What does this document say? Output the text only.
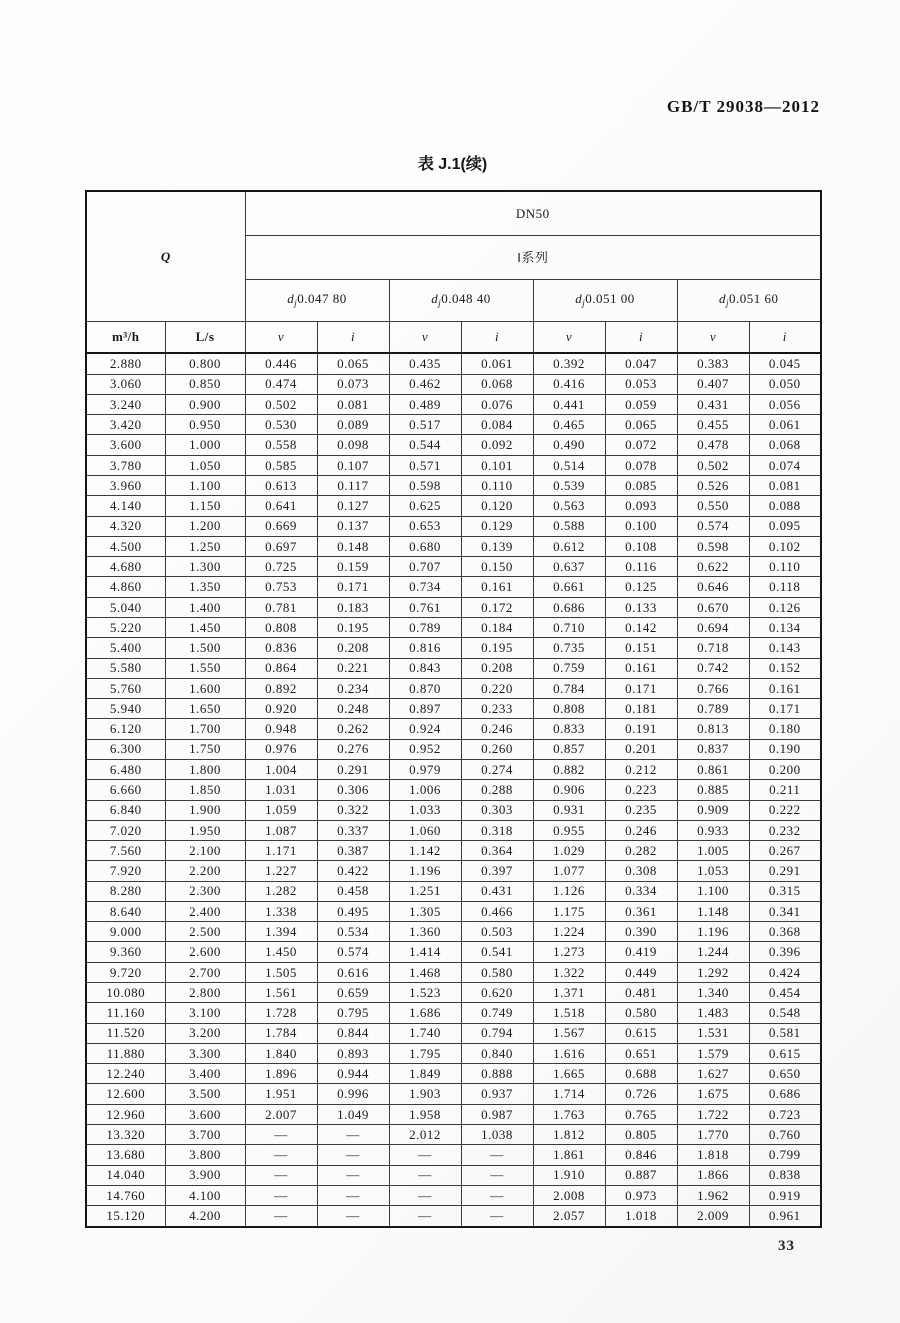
GB/T 29038—2012
表 J.1(续)
Q		DN50							
		I系列							
		$d_j0.047$ 80		$d_j0.048$ 40		$d_j0.051$ 00		$d_j0.051$ 60	
m³/h	L/s	v	i	v	i	v	i	v	i
2.880	0.800	0.446	0.065	0.435	0.061	0.392	0.047	0.383	0.045
3.060	0.850	0.474	0.073	0.462	0.068	0.416	0.053	0.407	0.050
3.240	0.900	0.502	0.081	0.489	0.076	0.441	0.059	0.431	0.056
3.420	0.950	0.530	0.089	0.517	0.084	0.465	0.065	0.455	0.061
3.600	1.000	0.558	0.098	0.544	0.092	0.490	0.072	0.478	0.068
3.780	1.050	0.585	0.107	0.571	0.101	0.514	0.078	0.502	0.074
3.960	1.100	0.613	0.117	0.598	0.110	0.539	0.085	0.526	0.081
4.140	1.150	0.641	0.127	0.625	0.120	0.563	0.093	0.550	0.088
4.320	1.200	0.669	0.137	0.653	0.129	0.588	0.100	0.574	0.095
4.500	1.250	0.697	0.148	0.680	0.139	0.612	0.108	0.598	0.102
4.680	1.300	0.725	0.159	0.707	0.150	0.637	0.116	0.622	0.110
4.860	1.350	0.753	0.171	0.734	0.161	0.661	0.125	0.646	0.118
5.040	1.400	0.781	0.183	0.761	0.172	0.686	0.133	0.670	0.126
5.220	1.450	0.808	0.195	0.789	0.184	0.710	0.142	0.694	0.134
5.400	1.500	0.836	0.208	0.816	0.195	0.735	0.151	0.718	0.143
5.580	1.550	0.864	0.221	0.843	0.208	0.759	0.161	0.742	0.152
5.760	1.600	0.892	0.234	0.870	0.220	0.784	0.171	0.766	0.161
5.940	1.650	0.920	0.248	0.897	0.233	0.808	0.181	0.789	0.171
6.120	1.700	0.948	0.262	0.924	0.246	0.833	0.191	0.813	0.180
6.300	1.750	0.976	0.276	0.952	0.260	0.857	0.201	0.837	0.190
6.480	1.800	1.004	0.291	0.979	0.274	0.882	0.212	0.861	0.200
6.660	1.850	1.031	0.306	1.006	0.288	0.906	0.223	0.885	0.211
6.840	1.900	1.059	0.322	1.033	0.303	0.931	0.235	0.909	0.222
7.020	1.950	1.087	0.337	1.060	0.318	0.955	0.246	0.933	0.232
7.560	2.100	1.171	0.387	1.142	0.364	1.029	0.282	1.005	0.267
7.920	2.200	1.227	0.422	1.196	0.397	1.077	0.308	1.053	0.291
8.280	2.300	1.282	0.458	1.251	0.431	1.126	0.334	1.100	0.315
8.640	2.400	1.338	0.495	1.305	0.466	1.175	0.361	1.148	0.341
9.000	2.500	1.394	0.534	1.360	0.503	1.224	0.390	1.196	0.368
9.360	2.600	1.450	0.574	1.414	0.541	1.273	0.419	1.244	0.396
9.720	2.700	1.505	0.616	1.468	0.580	1.322	0.449	1.292	0.424
10.080	2.800	1.561	0.659	1.523	0.620	1.371	0.481	1.340	0.454
11.160	3.100	1.728	0.795	1.686	0.749	1.518	0.580	1.483	0.548
11.520	3.200	1.784	0.844	1.740	0.794	1.567	0.615	1.531	0.581
11.880	3.300	1.840	0.893	1.795	0.840	1.616	0.651	1.579	0.615
12.240	3.400	1.896	0.944	1.849	0.888	1.665	0.688	1.627	0.650
12.600	3.500	1.951	0.996	1.903	0.937	1.714	0.726	1.675	0.686
12.960	3.600	2.007	1.049	1.958	0.987	1.763	0.765	1.722	0.723
13.320	3.700	—	—	2.012	1.038	1.812	0.805	1.770	0.760
13.680	3.800	—	—	—	—	1.861	0.846	1.818	0.799
14.040	3.900	—	—	—	—	1.910	0.887	1.866	0.838
14.760	4.100	—	—	—	—	2.008	0.973	1.962	0.919
15.120	4.200	—	—	—	—	2.057	1.018	2.009	0.961
33
